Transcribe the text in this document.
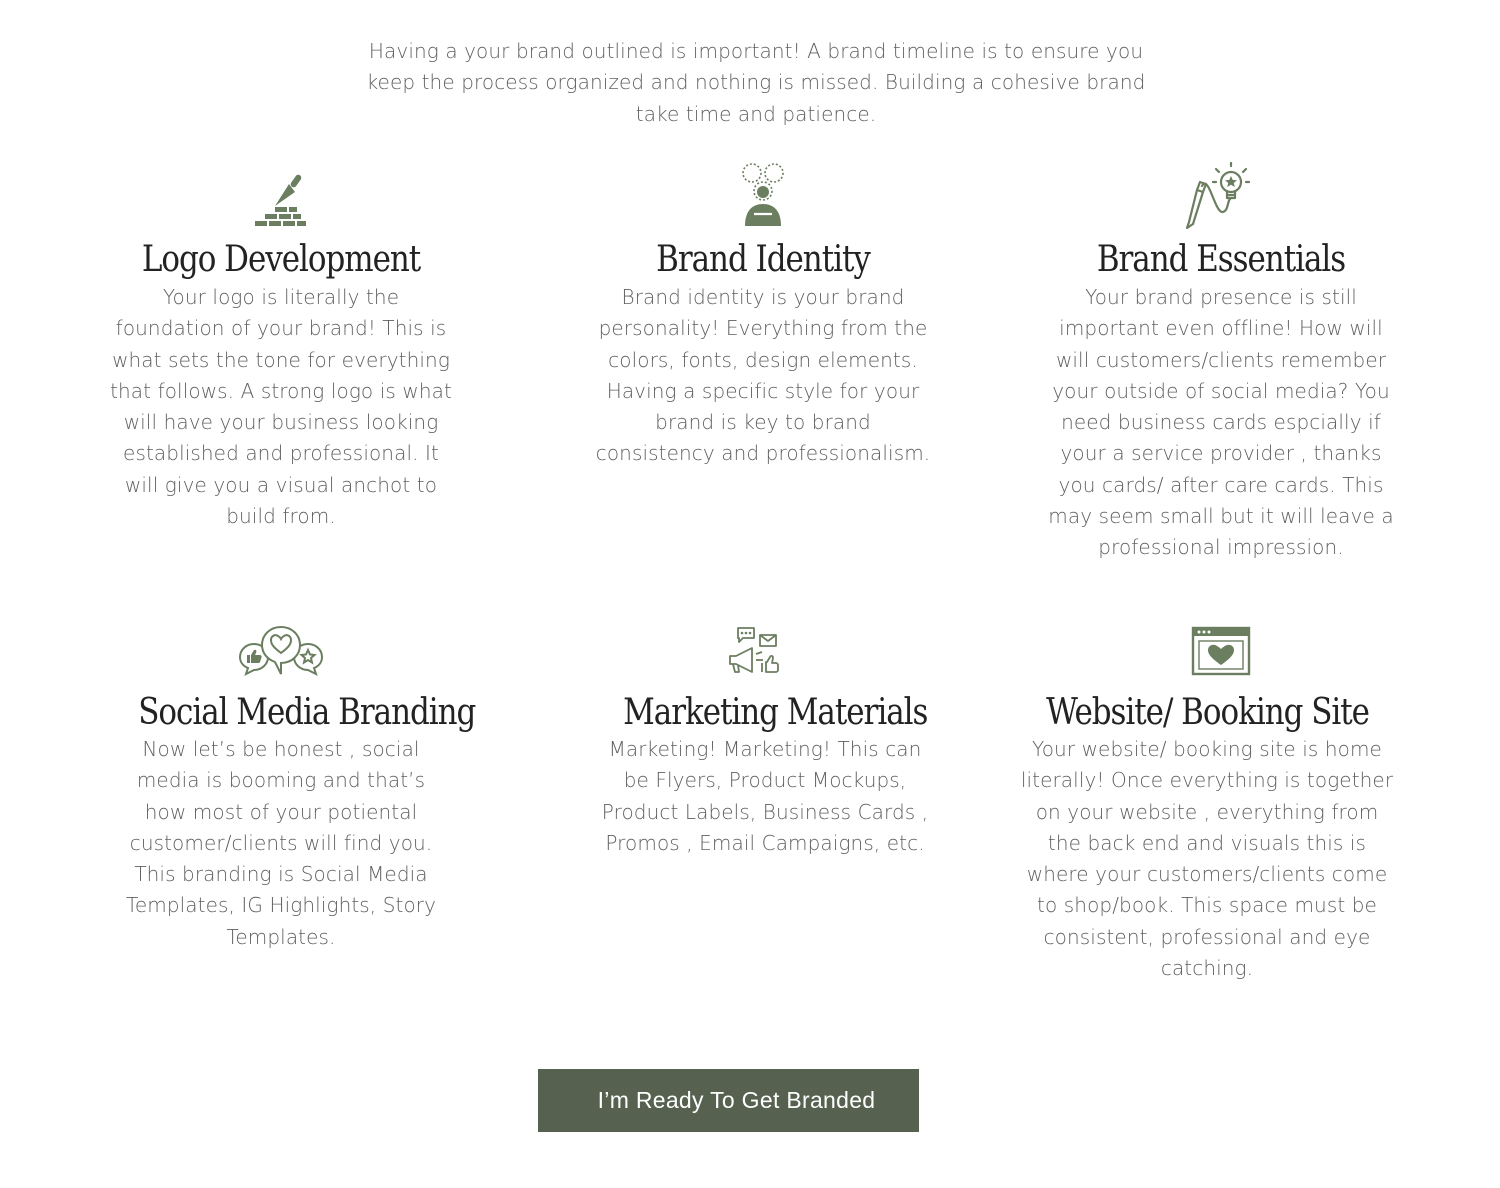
Having a your brand outlined is important! A brand timeline is to ensure you keep the process organized and nothing is missed. Building a cohesive brand take time and patience.
Logo Development
Your logo is literally the foundation of your brand! This is what sets the tone for everything that follows. A strong logo is what will have your business looking established and professional. It will give you a visual anchot to build from.
Brand Identity
Brand identity is your brand personality! Everything from the colors, fonts, design elements. Having a specific style for your brand is key to brand consistency and professionalism.
Brand Essentials
Your brand presence is still important even offline! How will will customers/clients remember your outside of social media? You need business cards espcially if your a service provider , thanks you cards/ after care cards. This may seem small but it will leave a professional impression.
Social Media Branding
Now let’s be honest , social media is booming and that’s how most of your potiental customer/clients will find you. This branding is Social Media Templates, IG Highlights, Story Templates.
Marketing Materials
Marketing! Marketing! This can be Flyers, Product Mockups, Product Labels, Business Cards , Promos , Email Campaigns, etc.
Website/ Booking Site
Your website/ booking site is home literally! Once everything is together on your website , everything from the back end and visuals this is where your customers/clients come to shop/book. This space must be consistent, professional and eye catching.
I’m Ready To Get Branded
